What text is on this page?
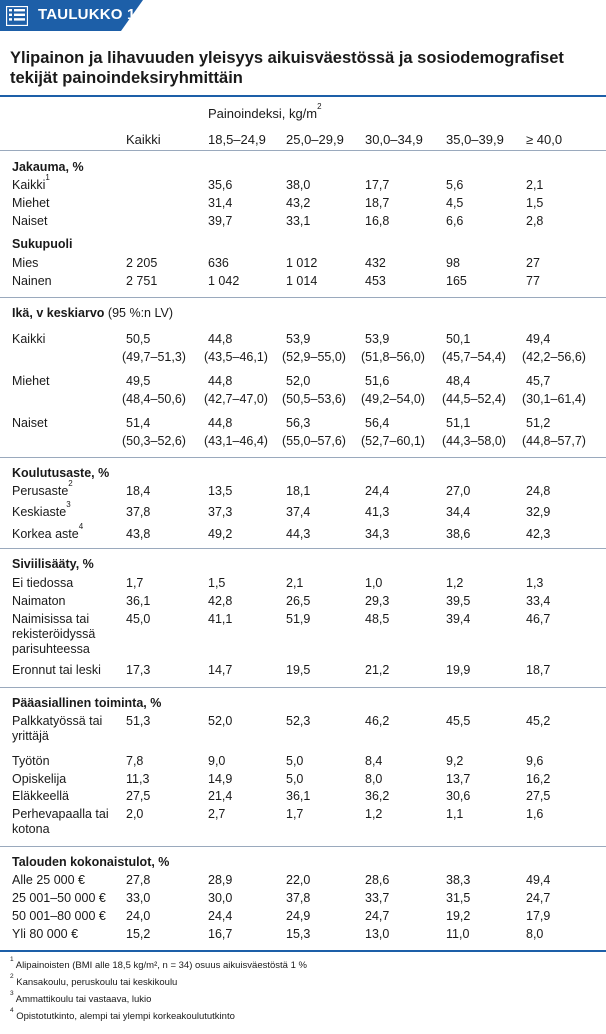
TAULUKKO 1.
Ylipainon ja lihavuuden yleisyys aikuisväestössä ja sosiodemografiset tekijät painoindeksiryhmittäin
Painoindeksi, $kg/m^2$
Kaikki	18,5–24,9 25,0–29,9 30,0–34,9 35,0–39,9 ≥ 40,0
Jakauma, %
Kaikki$^1$
35,6	38,0	17,7	5,6	2,1
Miehet	31,4	43,2	18,7	4,5	1,5
Naiset	39,7	33,1	16,8	6,6	2,8
Sukupuoli
Mies	2 205	636	1 012	432	98	27
Nainen	2 751	1 042	1 014	453	165	77
Ikä, v keskiarvo (95 %:n LV)
Kaikki	50,5	44,8	53,9	53,9	50,1	49,4
(49,7–51,3) (43,5–46,1) (52,9–55,0) (51,8–56,0) (45,7–54,4) (42,2–56,6)
Miehet	49,5	44,8	52,0	51,6	48,4	45,7
(48,4–50,6) (42,7–47,0) (50,5–53,6) (49,2–54,0) (44,5–52,4) (30,1–61,4)
Naiset	51,4	44,8	56,3	56,4	51,1	51,2
(50,3–52,6) (43,1–46,4) (55,0–57,6) (52,7–60,1) (44,3–58,0) (44,8–57,7)
Koulutusaste, %
Perusaste$^2$
18,4	13,5	18,1	24,4	27,0	24,8
Keskiaste$^3$
37,8	37,3	37,4	41,3	34,4	32,9
Korkea aste$^4$
43,8	49,2	44,3	34,3	38,6	42,3
Siviilisääty, %
Ei tiedossa	1,7	1,5	2,1	1,0	1,2	1,3
Naimaton	36,1	42,8	26,5	29,3	39,5	33,4
Naimisissa tai rekisteröidyssä parisuhteessa
45,0	41,1	51,9	48,5	39,4	46,7
Eronnut tai leski 17,3	14,7	19,5	21,2	19,9	18,7
Pääasiallinen toiminta, %
Palkkatyössä tai yrittäjä
51,3	52,0	52,3	46,2	45,5	45,2
Työtön	7,8	9,0	5,0	8,4	9,2	9,6
Opiskelija	11,3	14,9	5,0	8,0	13,7	16,2
Eläkkeellä	27,5	21,4	36,1	36,2	30,6	27,5
Perhevapaalla tai kotona
2,0	2,7	1,7	1,2	1,1	1,6
Talouden kokonaistulot, %
Alle 25 000 €	27,8	28,9	22,0	28,6	38,3	49,4
25 001–50 000 € 33,0	30,0	37,8	33,7	31,5	24,7
50 001–80 000 € 24,0	24,4	24,9	24,7	19,2	17,9
Yli 80 000 €	15,2	16,7	15,3	13,0	11,0	8,0
$^1$ Alipainoisten (BMI alle 18,5 kg/m², n = 34) osuus aikuisväestöstä 1 %
$^2$ Kansakoulu, peruskoulu tai keskikoulu
$^3$ Ammattikoulu tai vastaava, lukio
$^4$ Opistotutkinto, alempi tai ylempi korkeakoulututkinto
